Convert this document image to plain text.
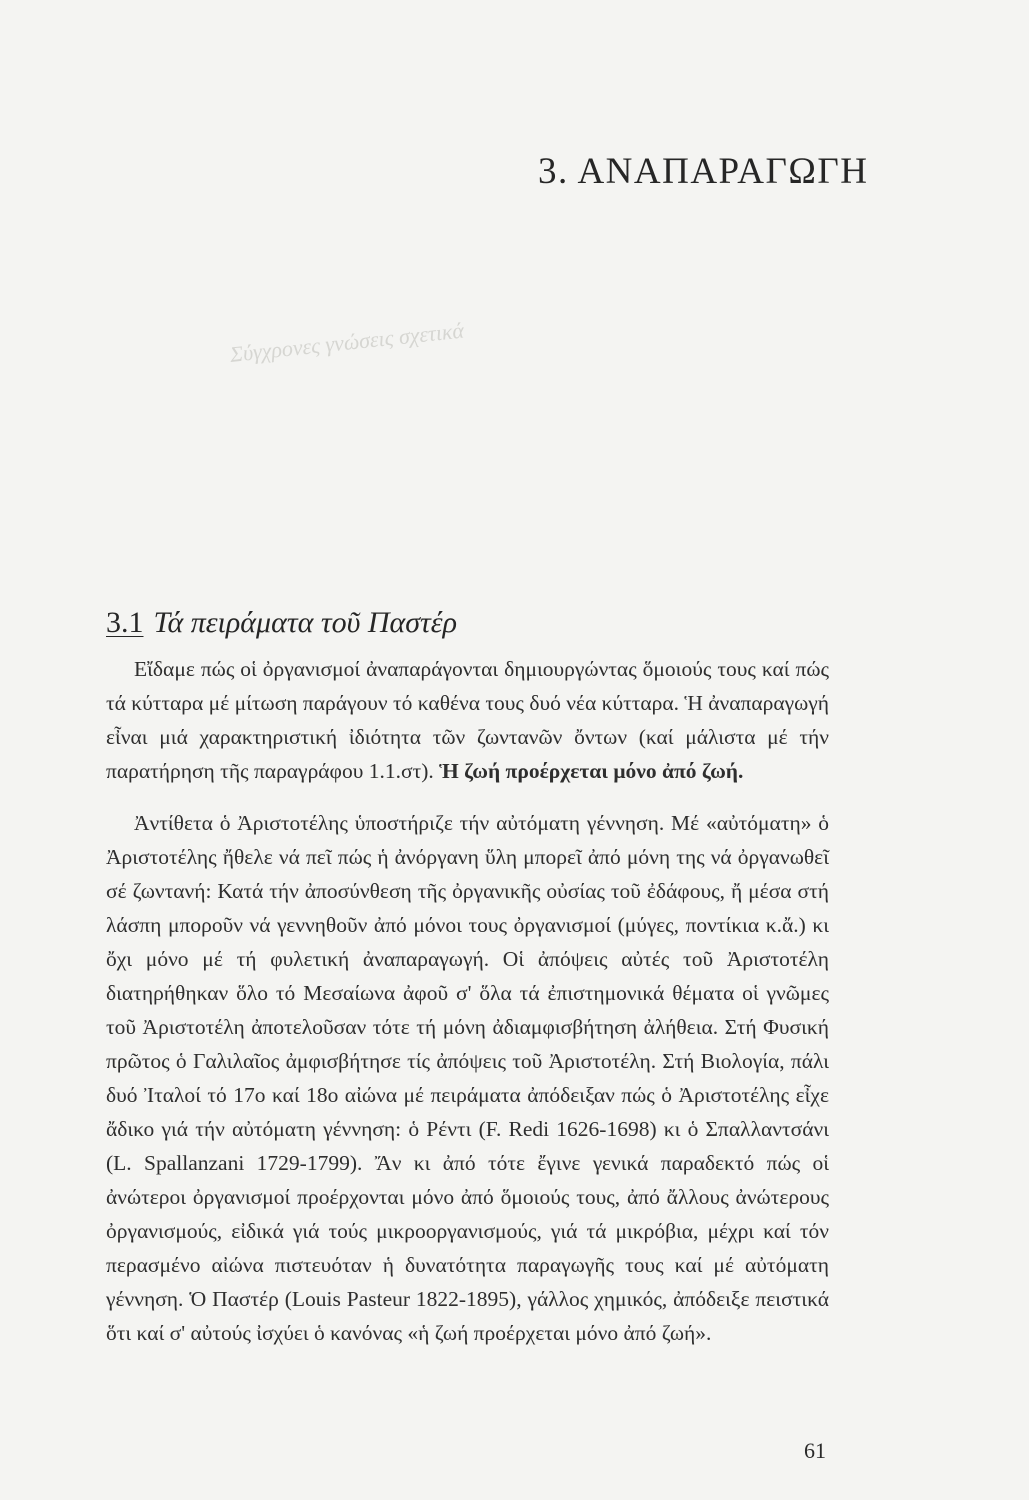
3. ΑΝΑΠΑΡΑΓΩΓΗ
Σύγχρονες γνώσεις σχετικά
3.1 Τά πειράματα τοῦ Παστέρ

Εἴδαμε πώς οἱ ὀργανισμοί ἀναπαράγονται δημιουργώντας ὅμοιούς τους καί πώς τά κύτταρα μέ μίτωση παράγουν τό καθένα τους δυό νέα κύτταρα. Ἡ ἀναπαραγωγή εἶναι μιά χαρακτηριστική ἰδιότητα τῶν ζωντανῶν ὄντων (καί μάλιστα μέ τήν παρατήρηση τῆς παραγράφου 1.1.στ). Ἡ ζωή προέρχεται μόνο ἀπό ζωή.

Ἀντίθετα ὁ Ἀριστοτέλης ὑποστήριζε τήν αὐτόματη γέννηση. Μέ «αὐτόματη» ὁ Ἀριστοτέλης ἤθελε νά πεῖ πώς ἡ ἀνόργανη ὕλη μπορεῖ ἀπό μόνη της νά ὀργανωθεῖ σέ ζωντανή: Κατά τήν ἀποσύνθεση τῆς ὀργανικῆς οὐσίας τοῦ ἐδάφους, ἤ μέσα στή λάσπη μποροῦν νά γεννηθοῦν ἀπό μόνοι τους ὀργανισμοί (μύγες, ποντίκια κ.ἄ.) κι ὄχι μόνο μέ τή φυλετική ἀναπαραγωγή. Οἱ ἀπόψεις αὐτές τοῦ Ἀριστοτέλη διατηρήθηκαν ὅλο τό Μεσαίωνα ἀφοῦ σ' ὅλα τά ἐπιστημονικά θέματα οἱ γνῶμες τοῦ Ἀριστοτέλη ἀποτελοῦσαν τότε τή μόνη ἀδιαμφισβήτηση ἀλήθεια. Στή Φυσική πρῶτος ὁ Γαλιλαῖος ἀμφισβήτησε τίς ἀπόψεις τοῦ Ἀριστοτέλη. Στή Βιολογία, πάλι δυό Ἰταλοί τό 17ο καί 18ο αἰώνα μέ πειράματα ἀπόδειξαν πώς ὁ Ἀριστοτέλης εἶχε ἄδικο γιά τήν αὐτόματη γέννηση: ὁ Ρέντι (F. Redi 1626-1698) κι ὁ Σπαλλαντσάνι (L. Spallanzani 1729-1799). Ἄν κι ἀπό τότε ἔγινε γενικά παραδεκτό πώς οἱ ἀνώτεροι ὀργανισμοί προέρχονται μόνο ἀπό ὅμοιούς τους, ἀπό ἄλλους ἀνώτερους ὀργανισμούς, εἰδικά γιά τούς μικροοργανισμούς, γιά τά μικρόβια, μέχρι καί τόν περασμένο αἰώνα πιστευόταν ἡ δυνατότητα παραγωγῆς τους καί μέ αὐτόματη γέννηση. Ὁ Παστέρ (Louis Pasteur 1822-1895), γάλλος χημικός, ἀπόδειξε πειστικά ὅτι καί σ' αὐτούς ἰσχύει ὁ κανόνας «ἡ ζωή προέρχεται μόνο ἀπό ζωή».

61
